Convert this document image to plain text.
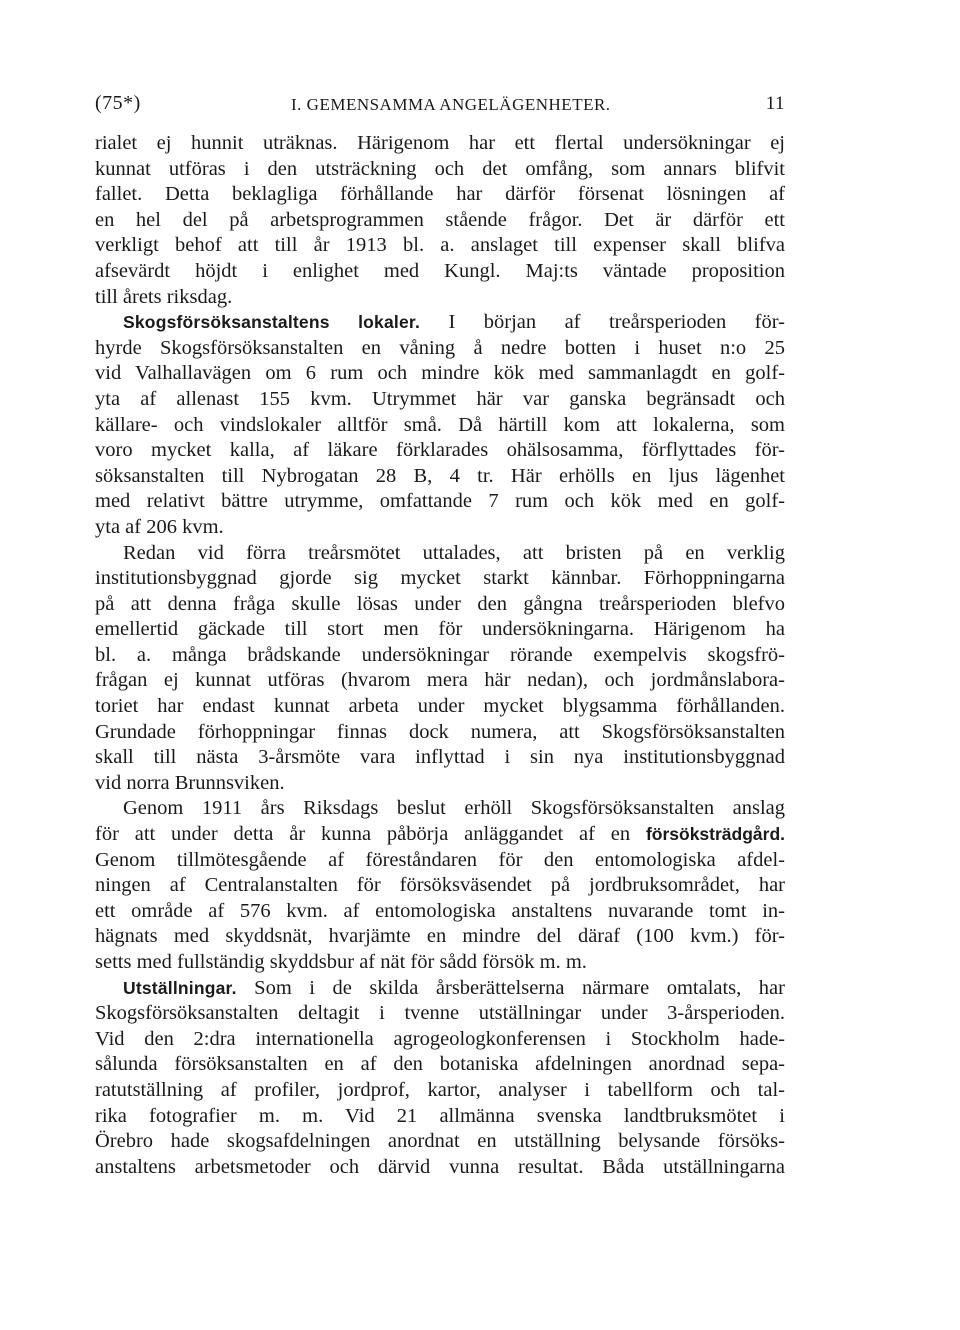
(75*)	I. GEMENSAMMA ANGELÄGENHETER.	11
rialet ej hunnit uträknas. Härigenom har ett flertal undersökningar ej
kunnat utföras i den utsträckning och det omfång, som annars blifvit
fallet. Detta beklagliga förhållande har därför försenat lösningen af
en hel del på arbetsprogrammen stående frågor. Det är därför ett
verkligt behof att till år 1913 bl. a. anslaget till expenser skall blifva
afsevärdt höjdt i enlighet med Kungl. Maj:ts väntade proposition
till årets riksdag.
Skogsförsöksanstaltens lokaler. I början af treårsperioden för-
hyrde Skogsförsöksanstalten en våning å nedre botten i huset n:o 25
vid Valhallavägen om 6 rum och mindre kök med sammanlagdt en golf-
yta af allenast 155 kvm. Utrymmet här var ganska begränsadt och
källare- och vindslokaler alltför små. Då härtill kom att lokalerna, som
voro mycket kalla, af läkare förklarades ohälsosamma, förflyttades för-
söksanstalten till Nybrogatan 28 B, 4 tr. Här erhölls en ljus lägenhet
med relativt bättre utrymme, omfattande 7 rum och kök med en golf-
yta af 206 kvm.
Redan vid förra treårsmötet uttalades, att bristen på en verklig
institutionsbyggnad gjorde sig mycket starkt kännbar. Förhoppningarna
på att denna fråga skulle lösas under den gångna treårsperioden blefvo
emellertid gäckade till stort men för undersökningarna. Härigenom ha
bl. a. många brådskande undersökningar rörande exempelvis skogsfrö-
frågan ej kunnat utföras (hvarom mera här nedan), och jordmånslabora-
toriet har endast kunnat arbeta under mycket blygsamma förhållanden.
Grundade förhoppningar finnas dock numera, att Skogsförsöksanstalten
skall till nästa 3-årsmöte vara inflyttad i sin nya institutionsbyggnad
vid norra Brunnsviken.
Genom 1911 års Riksdags beslut erhöll Skogsförsöksanstalten anslag
för att under detta år kunna påbörja anläggandet af en försöksträdgård.
Genom tillmötesgående af föreståndaren för den entomologiska afdel-
ningen af Centralanstalten för försöksväsendet på jordbruksområdet, har
ett område af 576 kvm. af entomologiska anstaltens nuvarande tomt in-
hägnats med skyddsnät, hvarjämte en mindre del däraf (100 kvm.) för-
setts med fullständig skyddsbur af nät för sådd försök m. m.
Utställningar. Som i de skilda årsberättelserna närmare omtalats, har
Skogsförsöksanstalten deltagit i tvenne utställningar under 3-årsperioden.
Vid den 2:dra internationella agrogeologkonferensen i Stockholm hade-
sålunda försöksanstalten en af den botaniska afdelningen anordnad sepa-
ratutställning af profiler, jordprof, kartor, analyser i tabellform och tal-
rika fotografier m. m. Vid 21 allmänna svenska landtbruksmötet i
Örebro hade skogsafdelningen anordnat en utställning belysande försöks-
anstaltens arbetsmetoder och därvid vunna resultat. Båda utställningarna
